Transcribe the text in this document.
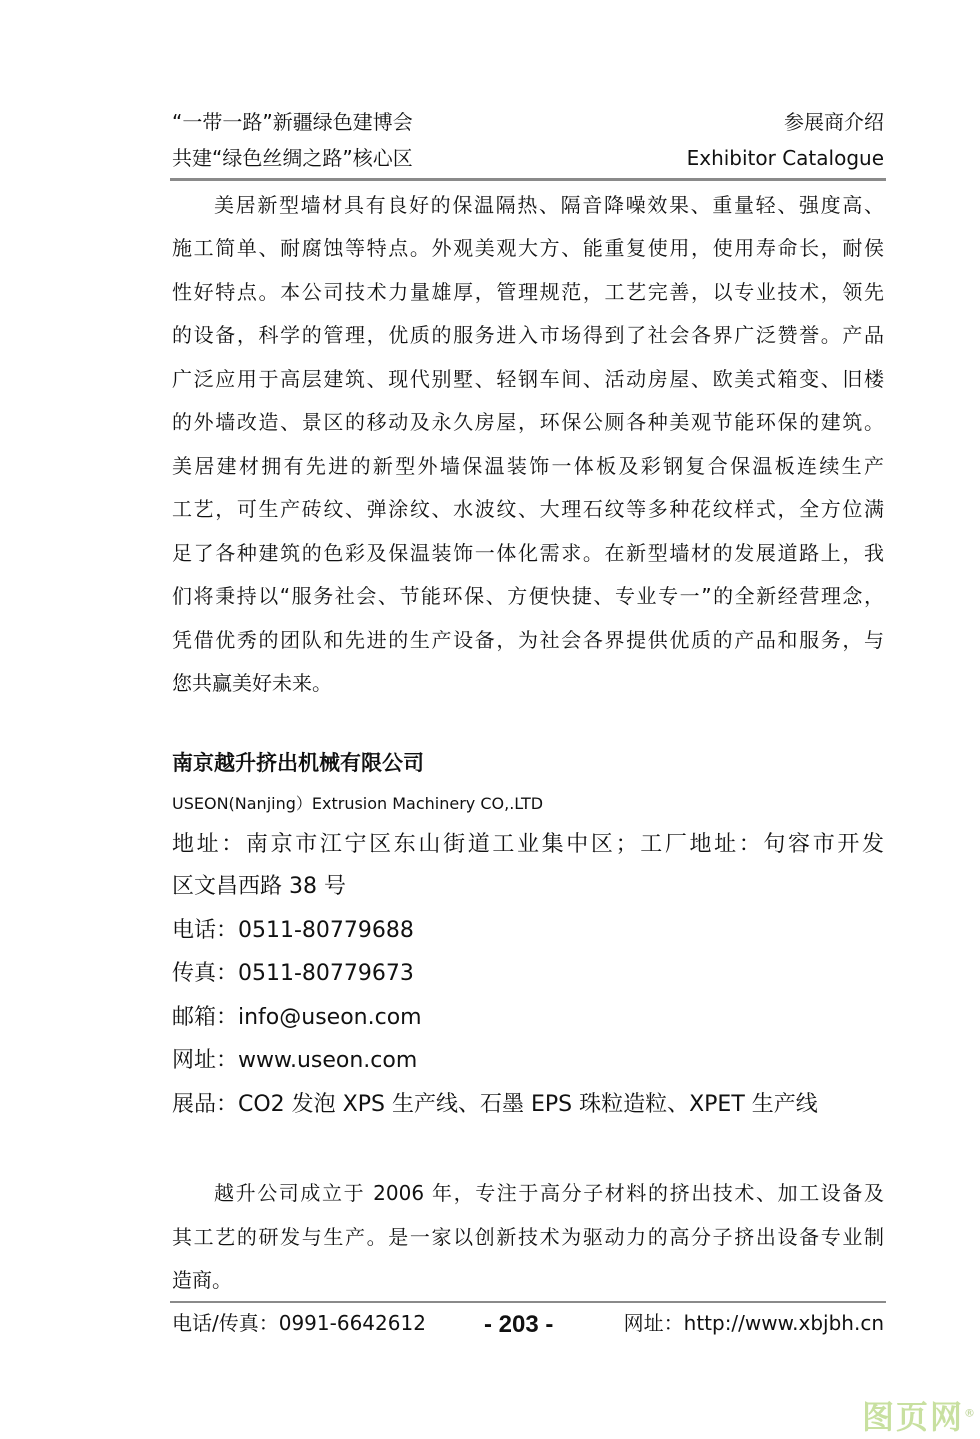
“一带一路”新疆绿色建博会	参展商介绍
共建“绿色丝绸之路”核心区	Exhibitor Catalogue
美居新型墙材具有良好的保温隔热、隔音降噪效果、重量轻、强度高、
施工简单、耐腐蚀等特点。外观美观大方、能重复使用，使用寿命长，耐侯
性好特点。本公司技术力量雄厚，管理规范，工艺完善，以专业技术，领先
的设备，科学的管理，优质的服务进入市场得到了社会各界广泛赞誉。产品
广泛应用于高层建筑、现代别墅、轻钢车间、活动房屋、欧美式箱变、旧楼
的外墙改造、景区的移动及永久房屋，环保公厕各种美观节能环保的建筑。
美居建材拥有先进的新型外墙保温装饰一体板及彩钢复合保温板连续生产
工艺，可生产砖纹、弹涂纹、水波纹、大理石纹等多种花纹样式，全方位满
足了各种建筑的色彩及保温装饰一体化需求。在新型墙材的发展道路上，我
们将秉持以“服务社会、节能环保、方便快捷、专业专一”的全新经营理念，
凭借优秀的团队和先进的生产设备，为社会各界提供优质的产品和服务，与
您共赢美好未来。
南京越升挤出机械有限公司
USEON(Nanjing）Extrusion Machinery CO,.LTD
地址：南京市江宁区东山街道工业集中区；工厂地址：句容市开发
区文昌西路 38 号
电话：0511-80779688
传真：0511-80779673
邮箱：info@useon.com
网址：www.useon.com
展品：CO2 发泡 XPS 生产线、石墨 EPS 珠粒造粒、XPET 生产线
越升公司成立于 2006 年，专注于高分子材料的挤出技术、加工设备及
其工艺的研发与生产。是一家以创新技术为驱动力的高分子挤出设备专业制
造商。
电话/传真：0991-6642612 - 203 -	网址：http://www.xbjbh.cn
图页网®
